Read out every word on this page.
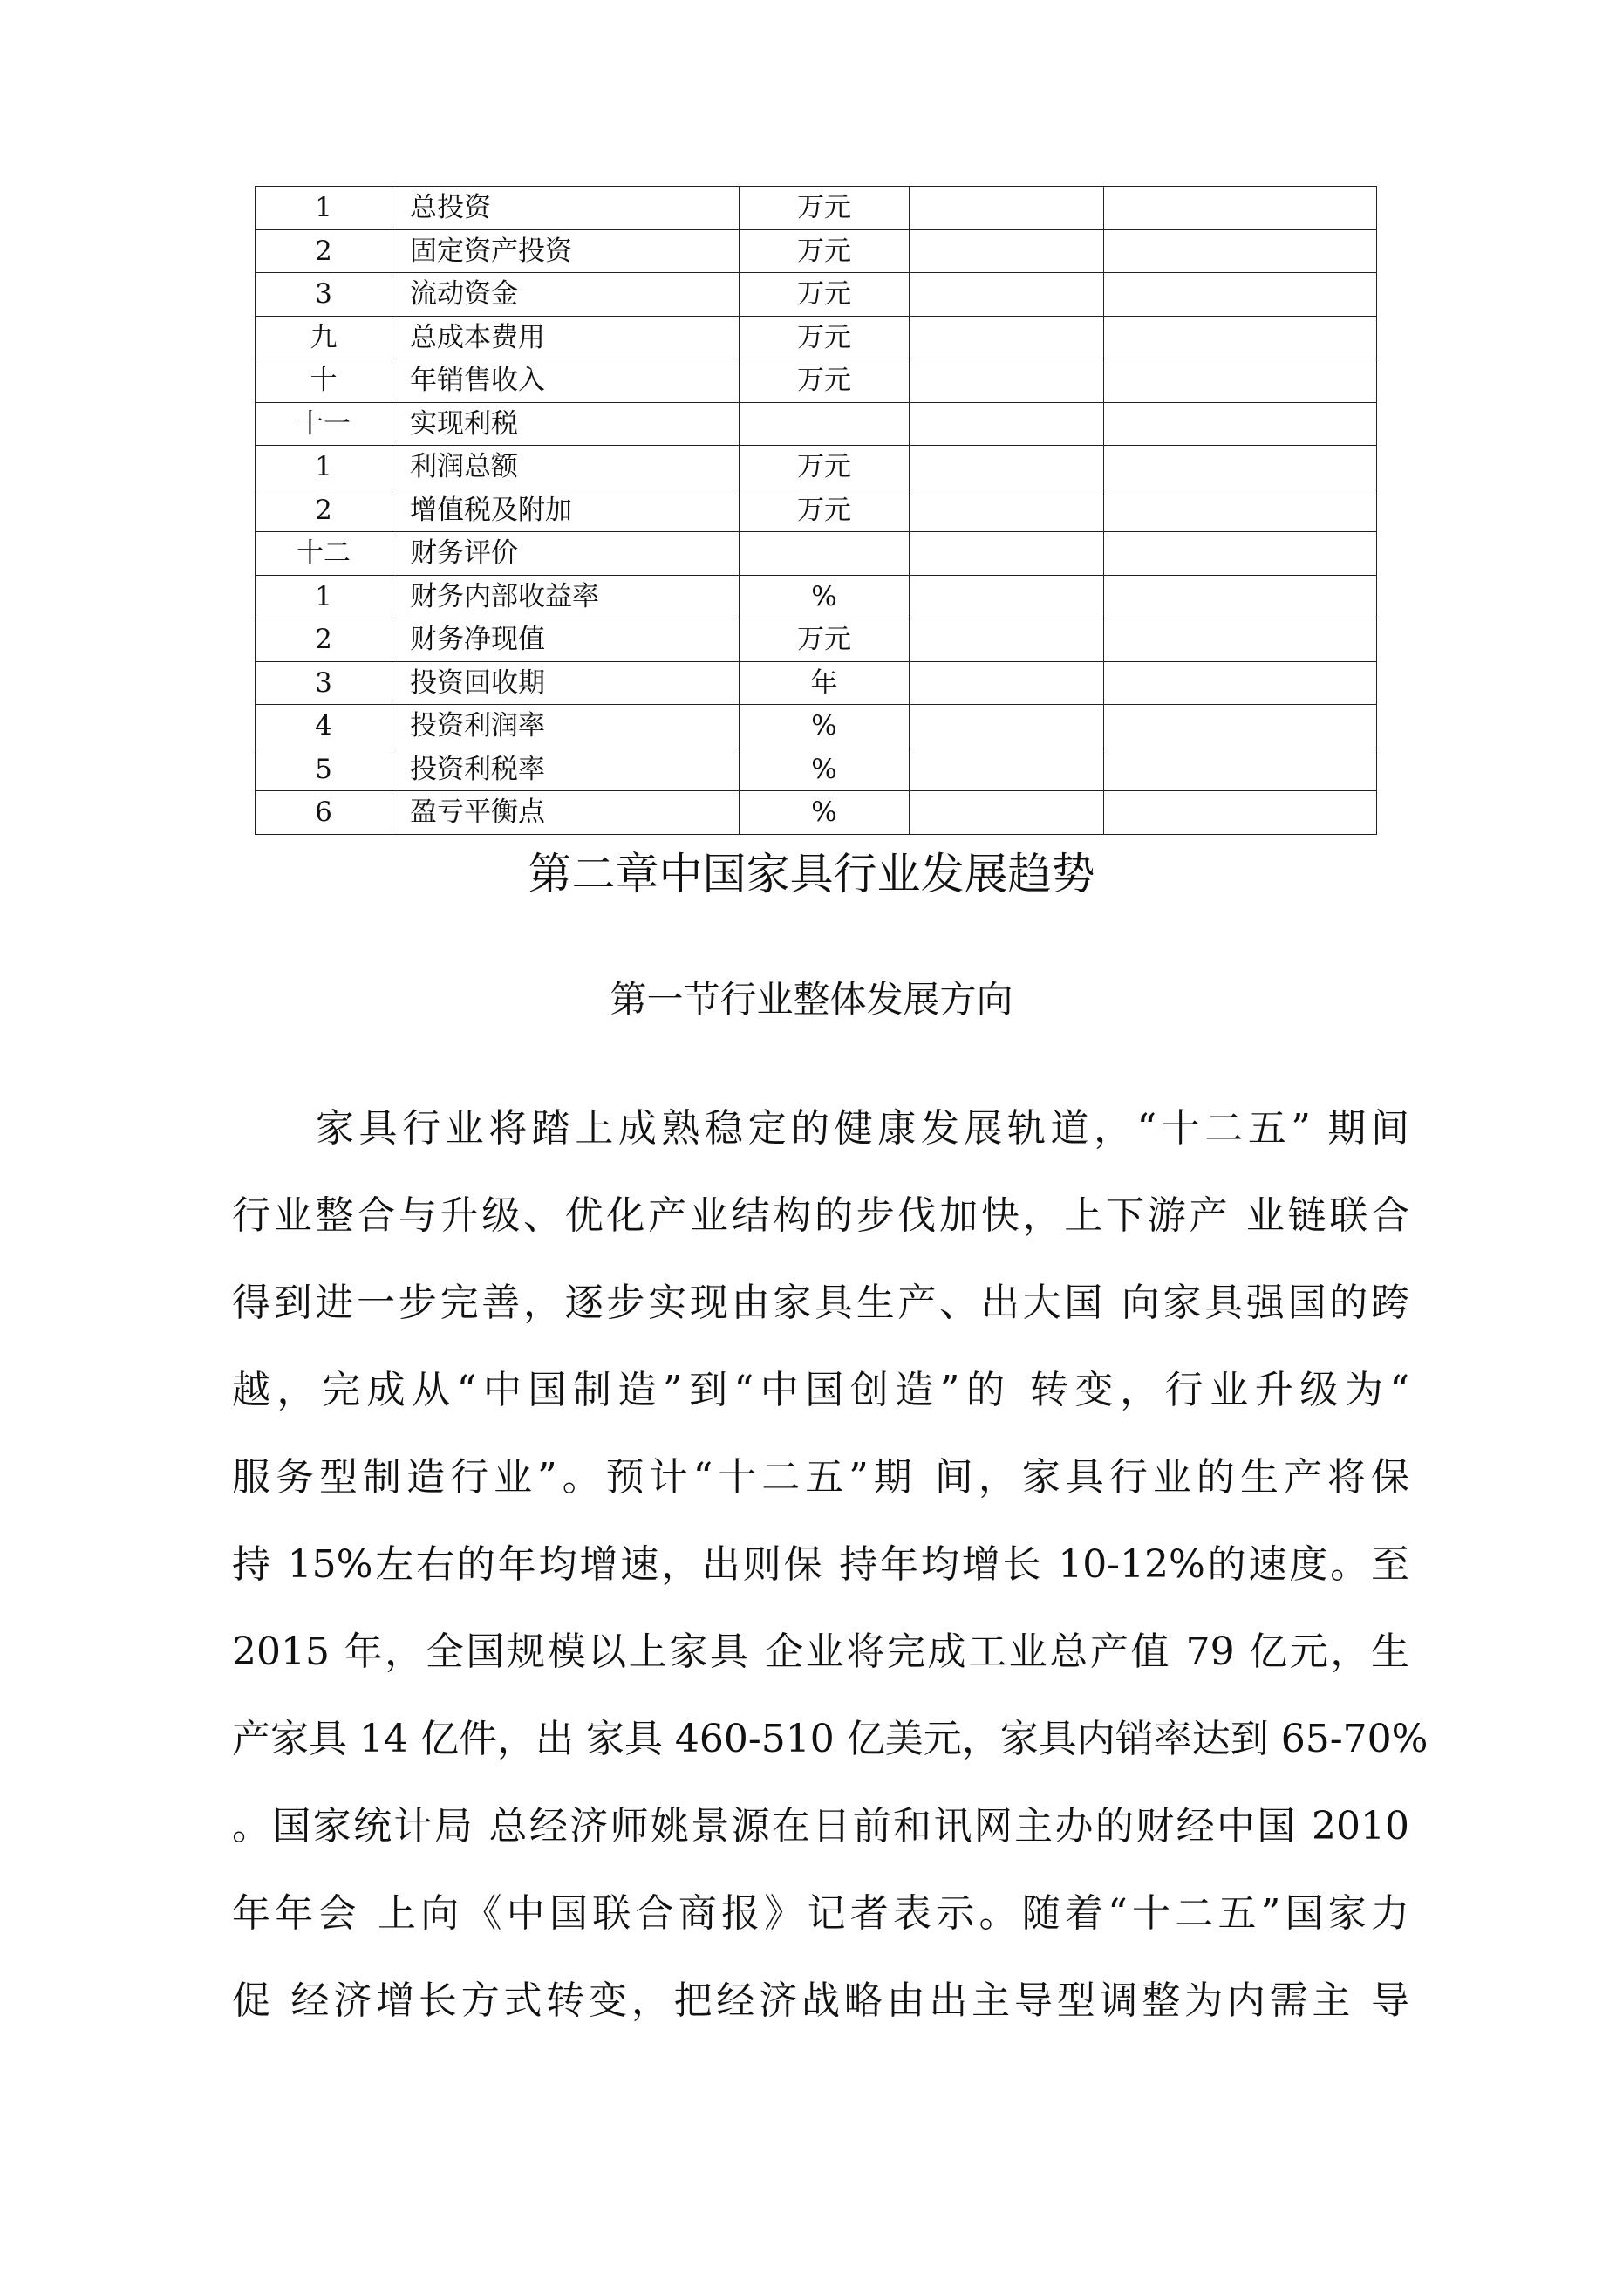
1	总投资	万元		
2	固定资产投资	万元		
3	流动资金	万元		
九	总成本费用	万元		
十	年销售收入	万元		
十一	实现利税			
1	利润总额	万元		
2	增值税及附加	万元		
十二	财务评价			
1	财务内部收益率	%		
2	财务净现值	万元		
3	投资回收期	年		
4	投资利润率	%		
5	投资利税率	%		
6	盈亏平衡点	%		
第二章中国家具行业发展趋势
第一节行业整体发展方向
家具行业将踏上成熟稳定的健康发展轨道，“十二五” 期间
行业整合与升级、优化产业结构的步伐加快，上下游产 业链联合
得到进一步完善，逐步实现由家具生产、出大国 向家具强国的跨
越，完成从“中国制造”到“中国创造”的 转变，行业升级为“
服务型制造行业”。预计“十二五”期 间，家具行业的生产将保
持 15%左右的年均增速，出则保 持年均增长 10-12%的速度。至
2015 年，全国规模以上家具 企业将完成工业总产值 79 亿元，生
产家具 14 亿件，出 家具 460-510 亿美元，家具内销率达到 65-70%
。国家统计局 总经济师姚景源在日前和讯网主办的财经中国 2010
年年会 上向《中国联合商报》记者表示。随着“十二五”国家力
促 经济增长方式转变，把经济战略由出主导型调整为内需主 导
